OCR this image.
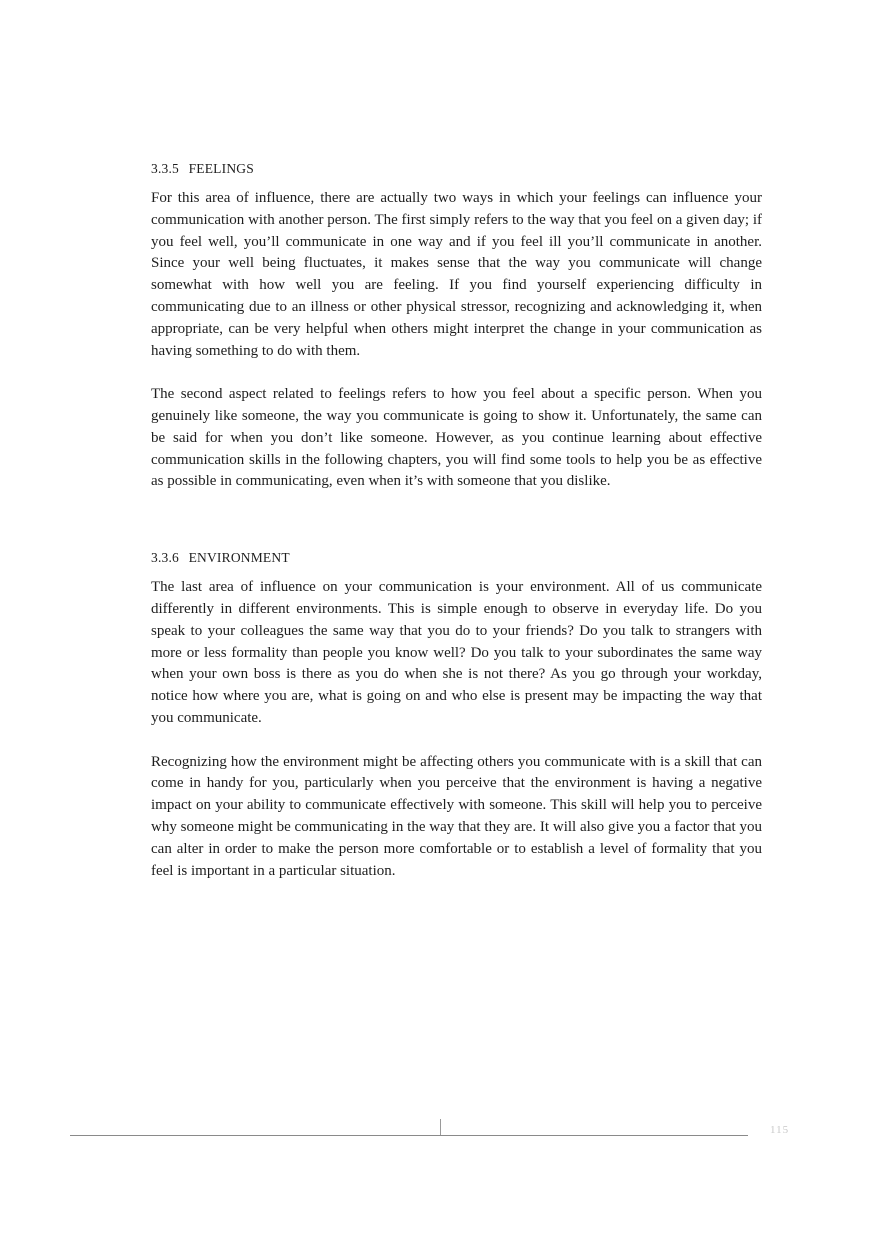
3.3.5 FEELINGS

For this area of influence, there are actually two ways in which your feelings can influence your communication with another person. The first simply refers to the way that you feel on a given day; if you feel well, you’ll communicate in one way and if you feel ill you’ll communicate in another. Since your well being fluctuates, it makes sense that the way you communicate will change somewhat with how well you are feeling. If you find yourself experiencing difficulty in communicating due to an illness or other physical stressor, recognizing and acknowledging it, when appropriate, can be very helpful when others might interpret the change in your communication as having something to do with them.

The second aspect related to feelings refers to how you feel about a specific person. When you genuinely like someone, the way you communicate is going to show it. Unfortunately, the same can be said for when you don’t like someone. However, as you continue learning about effective communication skills in the following chapters, you will find some tools to help you be as effective as possible in communicating, even when it’s with someone that you dislike.

3.3.6 ENVIRONMENT

The last area of influence on your communication is your environment. All of us communicate differently in different environments. This is simple enough to observe in everyday life. Do you speak to your colleagues the same way that you do to your friends? Do you talk to strangers with more or less formality than people you know well? Do you talk to your subordinates the same way when your own boss is there as you do when she is not there? As you go through your workday, notice how where you are, what is going on and who else is present may be impacting the way that you communicate.

Recognizing how the environment might be affecting others you communicate with is a skill that can come in handy for you, particularly when you perceive that the environment is having a negative impact on your ability to communicate effectively with someone. This skill will help you to perceive why someone might be communicating in the way that they are. It will also give you a factor that you can alter in order to make the person more comfortable or to establish a level of formality that you feel is important in a particular situation.

115
